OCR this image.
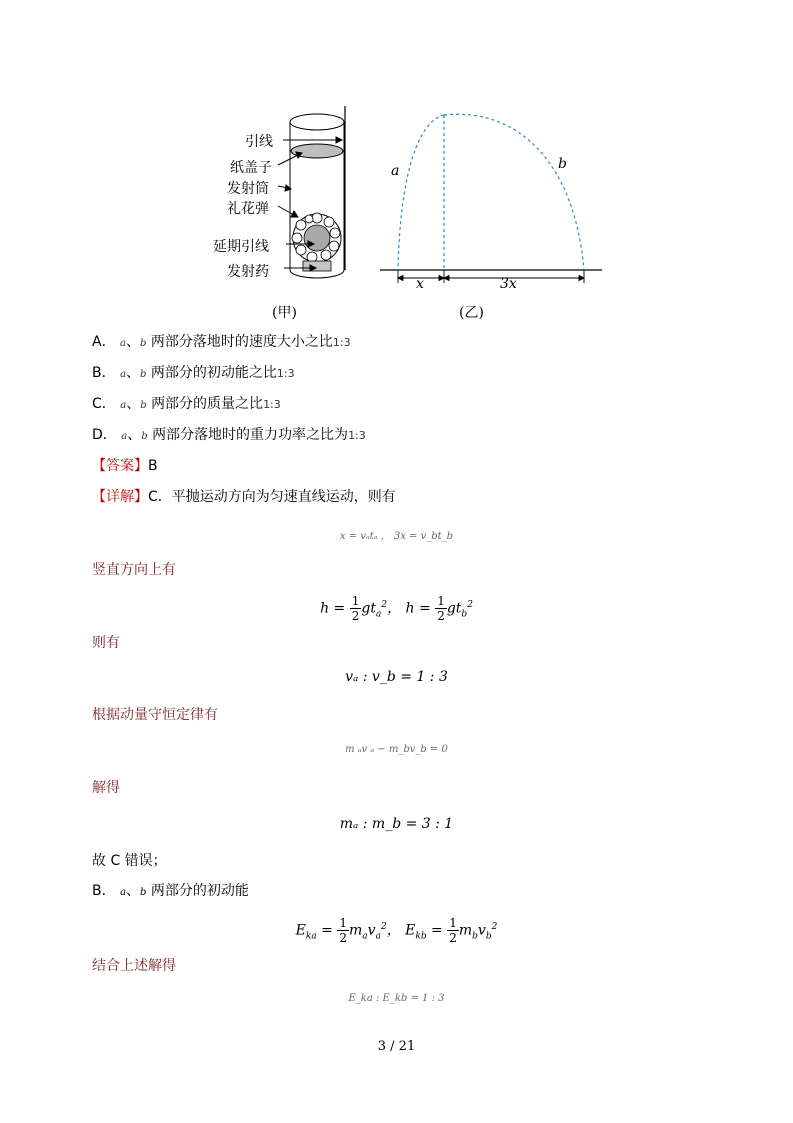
引线
纸盖子
发射筒
礼花弹
延期引线
发射药
(甲)
a	b
x	3x
(乙)
A． a、b 两部分落地时的速度大小之比1:3
B． a、b 两部分的初动能之比1:3
C． a、b 两部分的质量之比1:3
D． a、b 两部分落地时的重力功率之比为1:3
【答案】B
【详解】C．平抛运动方向为匀速直线运动，则有
x = vₐtₐ ， 3x = v_bt_b
竖直方向上有
$h = \frac{1}{2} gt_a^2$， $h = \frac{1}{2} gt_b^2$
则有
vₐ : v_b = 1 : 3
根据动量守恒定律有
m ₐv ₐ − m_bv_b = 0
解得
mₐ : m_b = 3 : 1
故 C 错误；
B． a、b 两部分的初动能
$E_{ka} = \frac{1}{2} m_av_a^2$， $E_{kb} = \frac{1}{2} m_bv_b^2$
结合上述解得
E_ka : E_kb = 1 : 3
3 / 21
